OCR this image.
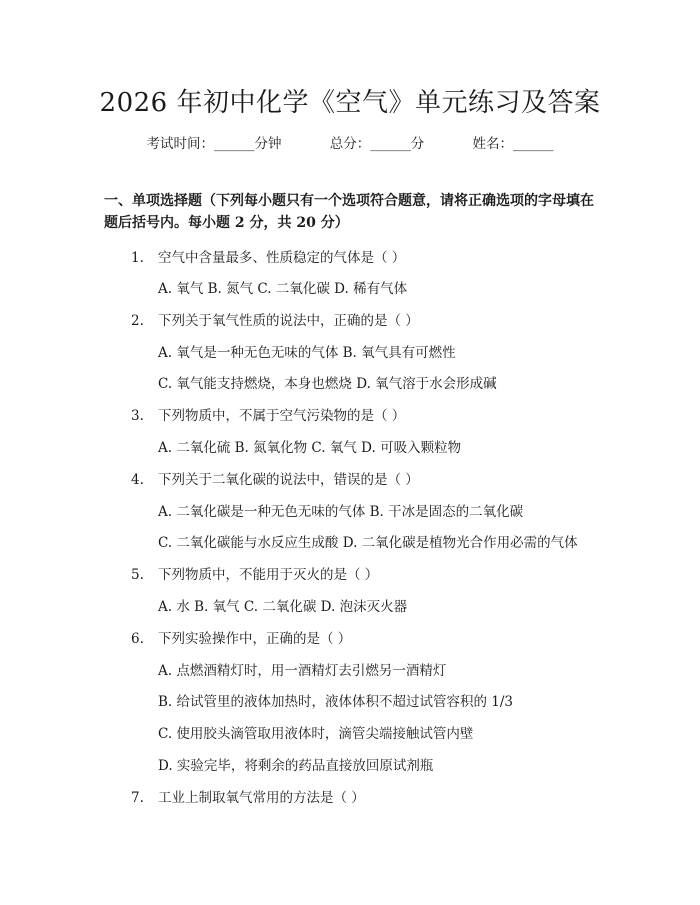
2026 年初中化学《空气》单元练习及答案
考试时间：______分钟	总分：______分	姓名：______
一、单项选择题（下列每小题只有一个选项符合题意，请将正确选项的字母填在题后括号内。每小题 2 分，共 20 分）
1. 空气中含量最多、性质稳定的气体是（ ）
A. 氧气 B. 氮气 C. 二氧化碳 D. 稀有气体
2. 下列关于氧气性质的说法中，正确的是（ ）
A. 氧气是一种无色无味的气体 B. 氧气具有可燃性
C. 氧气能支持燃烧，本身也燃烧 D. 氧气溶于水会形成碱
3. 下列物质中，不属于空气污染物的是（ ）
A. 二氧化硫 B. 氮氧化物 C. 氧气 D. 可吸入颗粒物
4. 下列关于二氧化碳的说法中，错误的是（ ）
A. 二氧化碳是一种无色无味的气体 B. 干冰是固态的二氧化碳
C. 二氧化碳能与水反应生成酸 D. 二氧化碳是植物光合作用必需的气体
5. 下列物质中，不能用于灭火的是（ ）
A. 水 B. 氧气 C. 二氧化碳 D. 泡沫灭火器
6. 下列实验操作中，正确的是（ ）
A. 点燃酒精灯时，用一酒精灯去引燃另一酒精灯
B. 给试管里的液体加热时，液体体积不超过试管容积的 1/3
C. 使用胶头滴管取用液体时，滴管尖端接触试管内壁
D. 实验完毕，将剩余的药品直接放回原试剂瓶
7. 工业上制取氧气常用的方法是（ ）
